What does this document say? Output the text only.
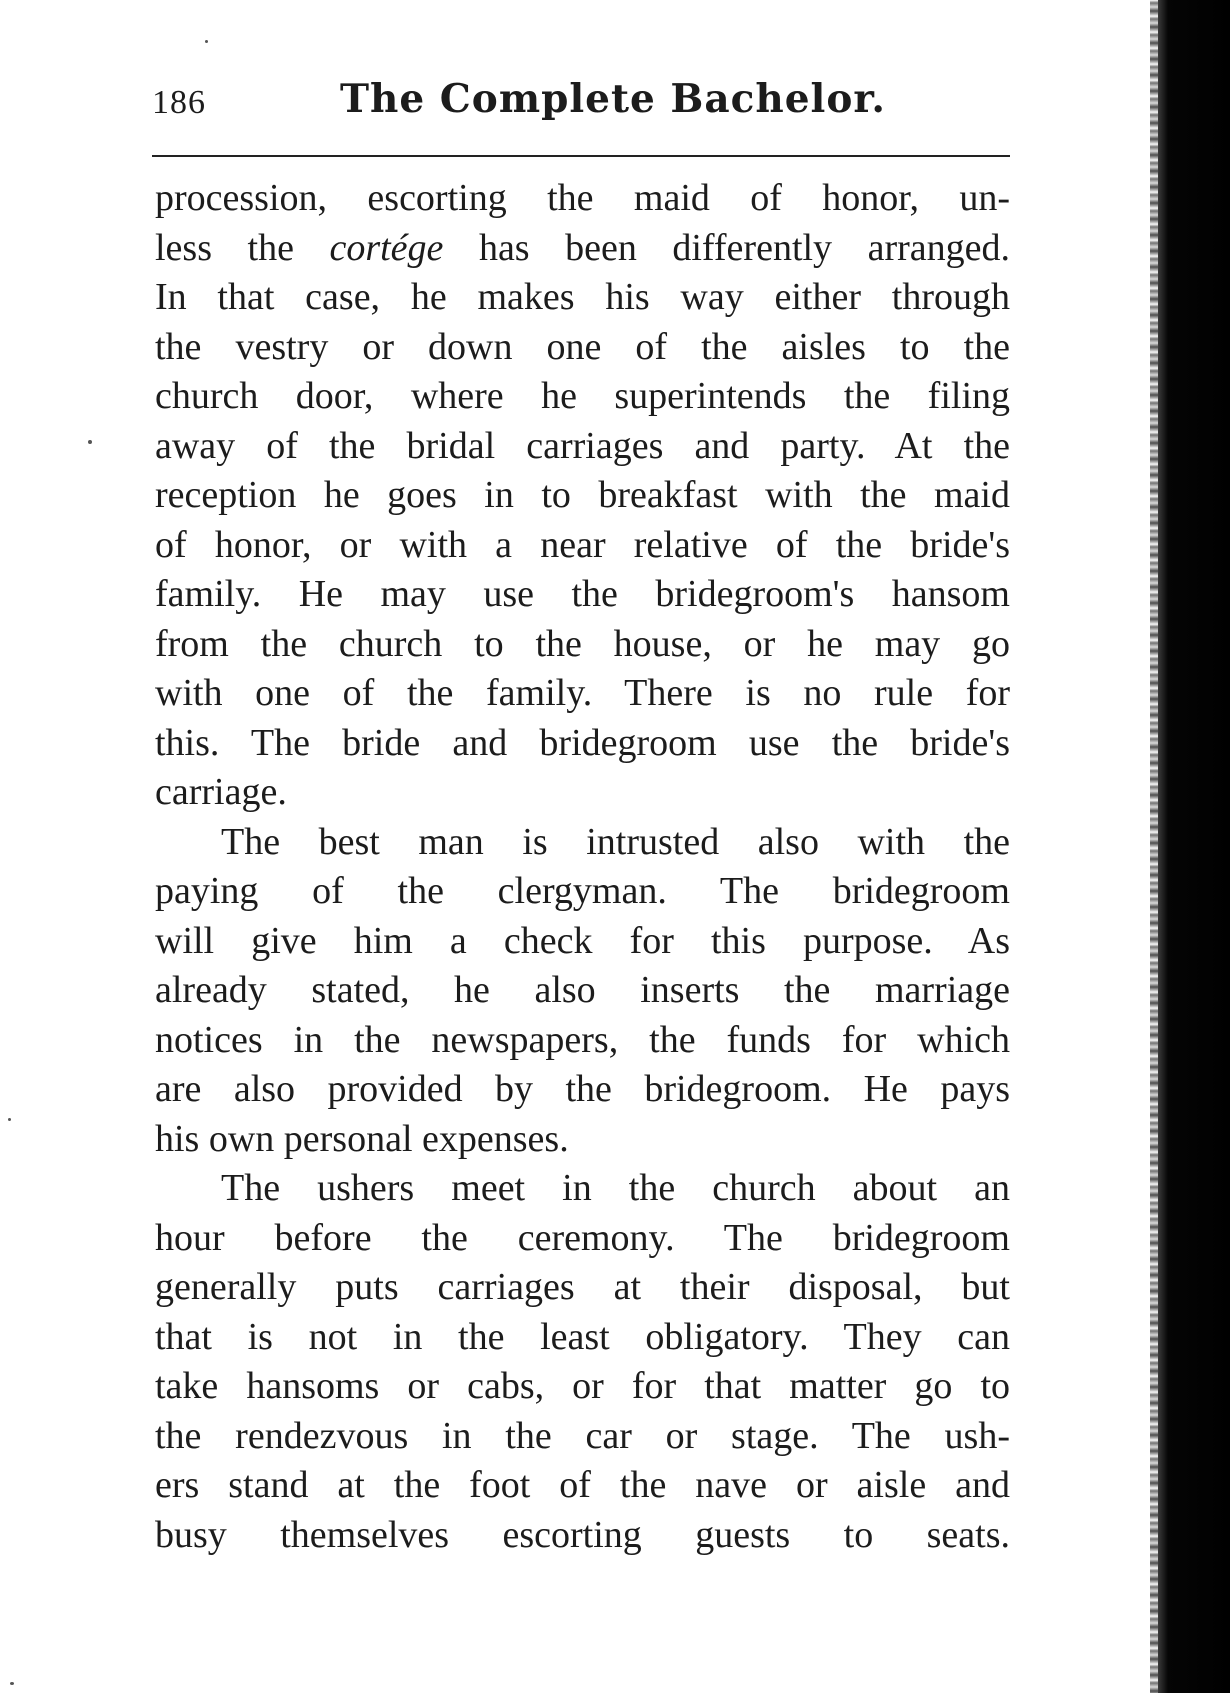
186	The Complete Bachelor.
procession, escorting the maid of honor, un-
less the cortége has been differently arranged.
In that case, he makes his way either through
the vestry or down one of the aisles to the
church door, where he superintends the filing
away of the bridal carriages and party. At the
reception he goes in to breakfast with the maid
of honor, or with a near relative of the bride's
family. He may use the bridegroom's hansom
from the church to the house, or he may go
with one of the family. There is no rule for
this. The bride and bridegroom use the bride's
carriage.
The best man is intrusted also with the
paying of the clergyman. The bridegroom
will give him a check for this purpose. As
already stated, he also inserts the marriage
notices in the newspapers, the funds for which
are also provided by the bridegroom. He pays
his own personal expenses.
The ushers meet in the church about an
hour before the ceremony. The bridegroom
generally puts carriages at their disposal, but
that is not in the least obligatory. They can
take hansoms or cabs, or for that matter go to
the rendezvous in the car or stage. The ush-
ers stand at the foot of the nave or aisle and
busy themselves escorting guests to seats.
